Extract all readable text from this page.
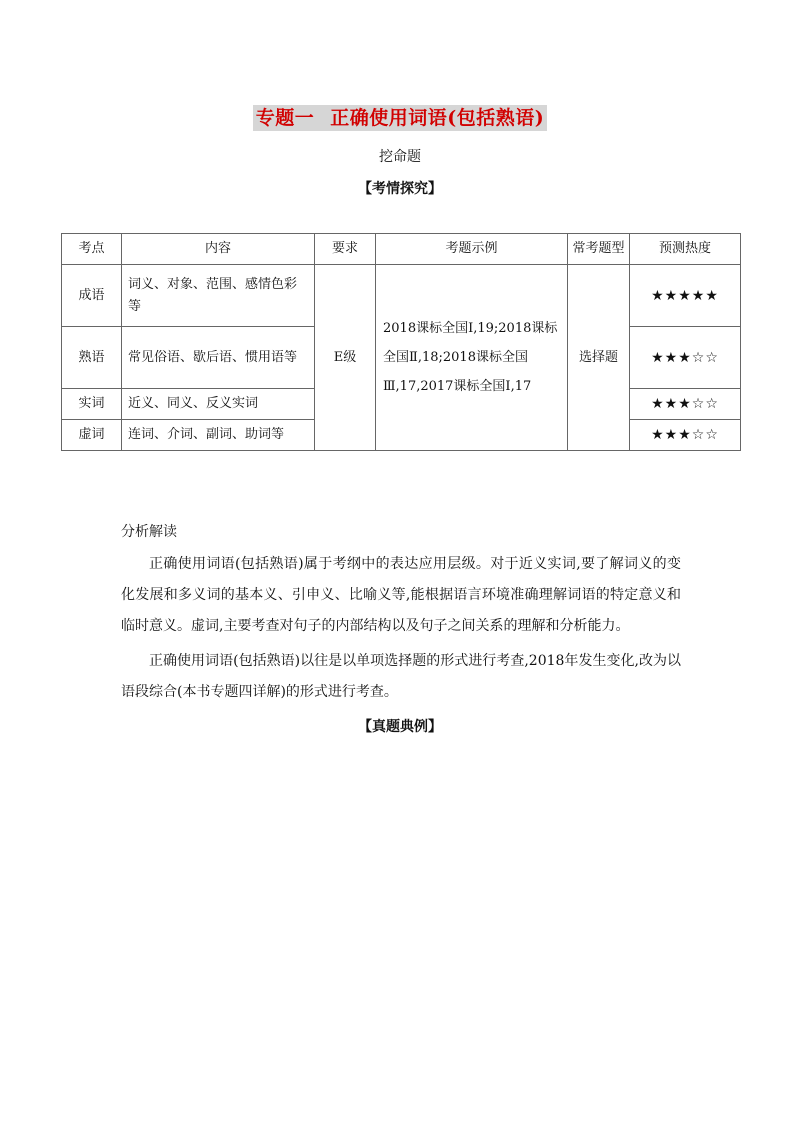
专题一 正确使用词语(包括熟语)
挖命题
【考情探究】
考点	内容	要求	考题示例	常考题型	预测热度
成语	词义、对象、范围、感情色彩等	E级	2018课标全国Ⅰ,19;2018课标全国Ⅱ,18;2018课标全国Ⅲ,17,2017课标全国Ⅰ,17	选择题	★★★★★
熟语	常见俗语、歇后语、惯用语等				★★★☆☆
实词	近义、同义、反义实词				★★★☆☆
虚词	连词、介词、副词、助词等				★★★☆☆
分析解读
正确使用词语(包括熟语)属于考纲中的表达应用层级。对于近义实词,要了解词义的变化发展和多义词的基本义、引申义、比喻义等,能根据语言环境准确理解词语的特定意义和临时意义。虚词,主要考查对句子的内部结构以及句子之间关系的理解和分析能力。
正确使用词语(包括熟语)以往是以单项选择题的形式进行考查,2018年发生变化,改为以语段综合(本书专题四详解)的形式进行考查。
【真题典例】
